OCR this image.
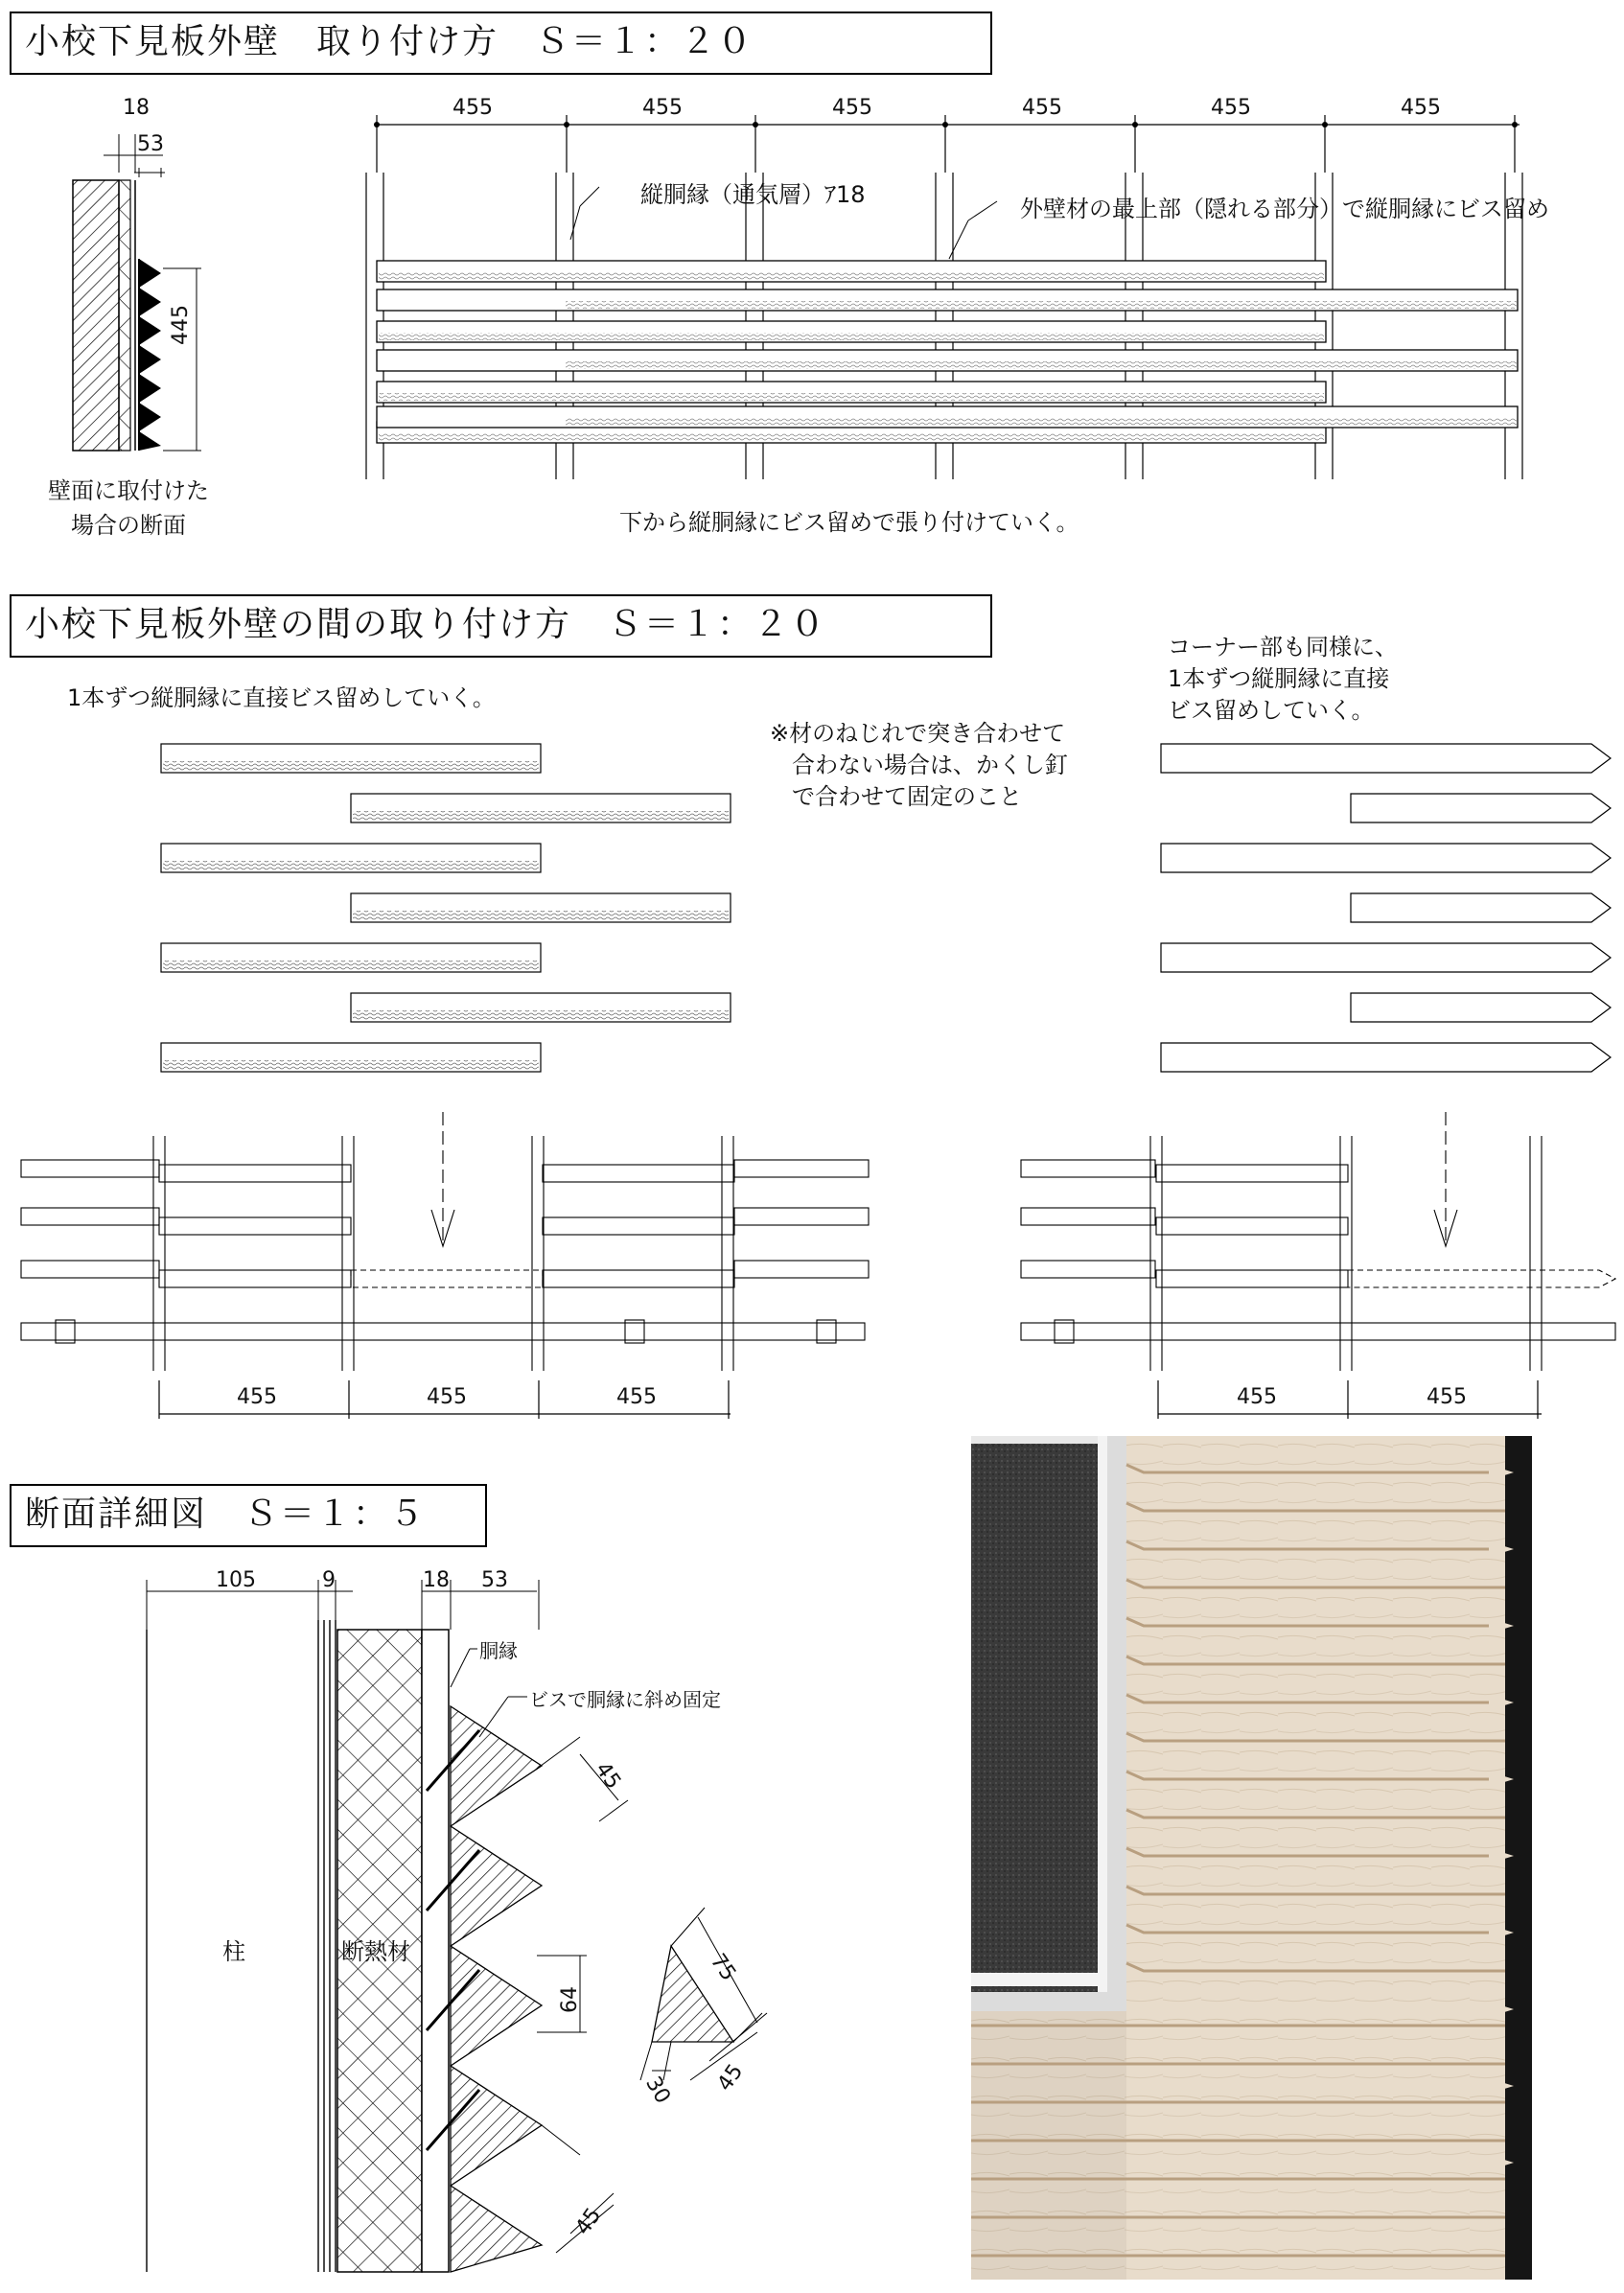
小校下見板外壁　取り付け方　Ｓ＝１：２０
小校下見板外壁の間の取り付け方　Ｓ＝１：２０
断面詳細図　Ｓ＝１：５
18
53
445
455	455	455	455	455	455
縦胴縁（通気層）ｱ18
外壁材の最上部（隠れる部分）で縦胴縁にビス留め
壁面に取付けた
場合の断面	下から縦胴縁にビス留めで張り付けていく。
1本ずつ縦胴縁に直接ビス留めしていく。
※材のねじれで突き合わせて
合わない場合は、かくし釘
で合わせて固定のこと
コーナー部も同様に、
1本ずつ縦胴縁に直接
ビス留めしていく。
455	455	455	455	455
105	9	18 53
胴縁
ビスで胴縁に斜め固定
柱	断熱材
45
64
45
75
45
30
